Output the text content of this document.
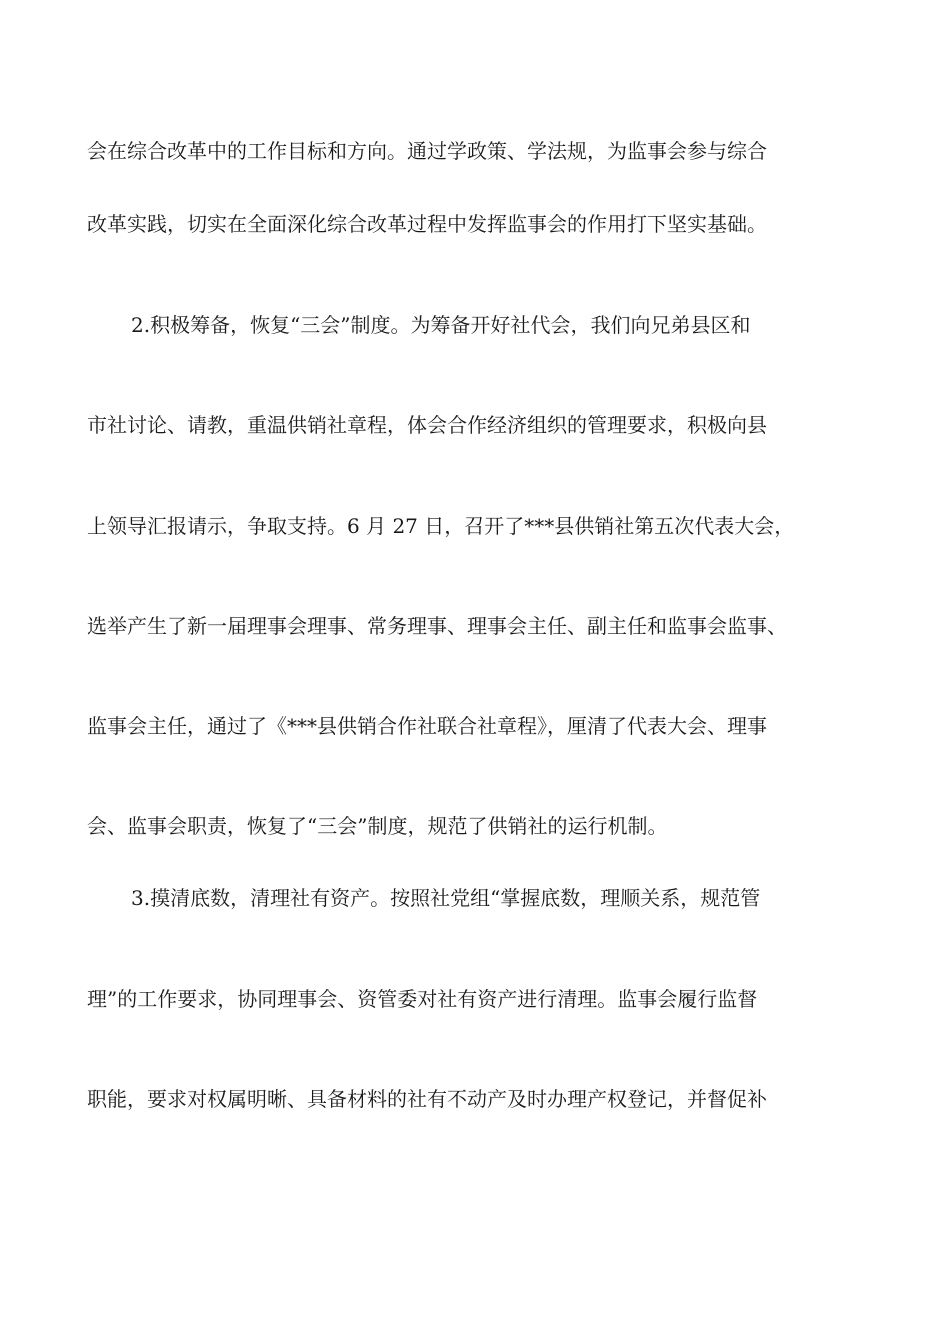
会在综合改革中的工作目标和方向。通过学政策、学法规，为监事会参与综合
改革实践，切实在全面深化综合改革过程中发挥监事会的作用打下坚实基础。
2.积极筹备，恢复“三会”制度。为筹备开好社代会，我们向兄弟县区和
市社讨论、请教，重温供销社章程，体会合作经济组织的管理要求，积极向县
上领导汇报请示，争取支持。6 月 27 日，召开了***县供销社第五次代表大会，
选举产生了新一届理事会理事、常务理事、理事会主任、副主任和监事会监事、
监事会主任，通过了《***县供销合作社联合社章程》，厘清了代表大会、理事
会、监事会职责，恢复了“三会”制度，规范了供销社的运行机制。
3.摸清底数，清理社有资产。按照社党组“掌握底数，理顺关系，规范管
理”的工作要求，协同理事会、资管委对社有资产进行清理。监事会履行监督
职能，要求对权属明晰、具备材料的社有不动产及时办理产权登记，并督促补
